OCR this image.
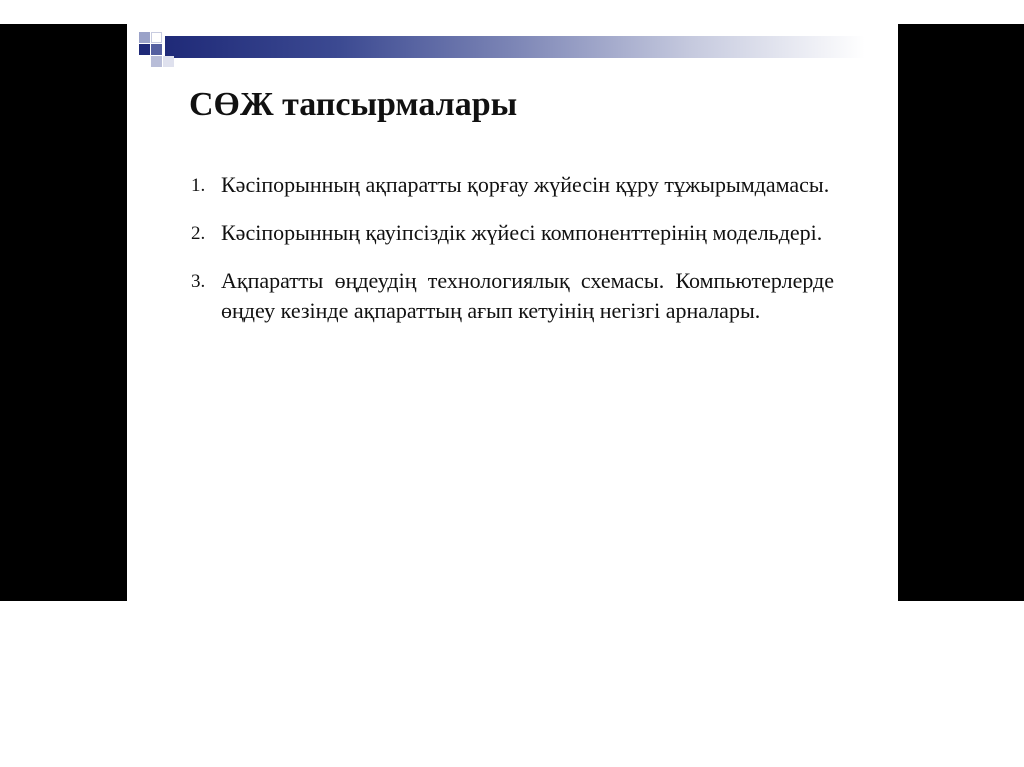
СӨЖ тапсырмалары
1. Кәсіпорынның ақпаратты қорғау жүйесін құру тұжырымдамасы.
2. Кәсіпорынның қауіпсіздік жүйесі компоненттерінің модельдері.
3. Ақпаратты өңдеудің технологиялық схемасы. Компьютерлерде өңдеу кезінде ақпараттың ағып кетуінің негізгі арналары.
